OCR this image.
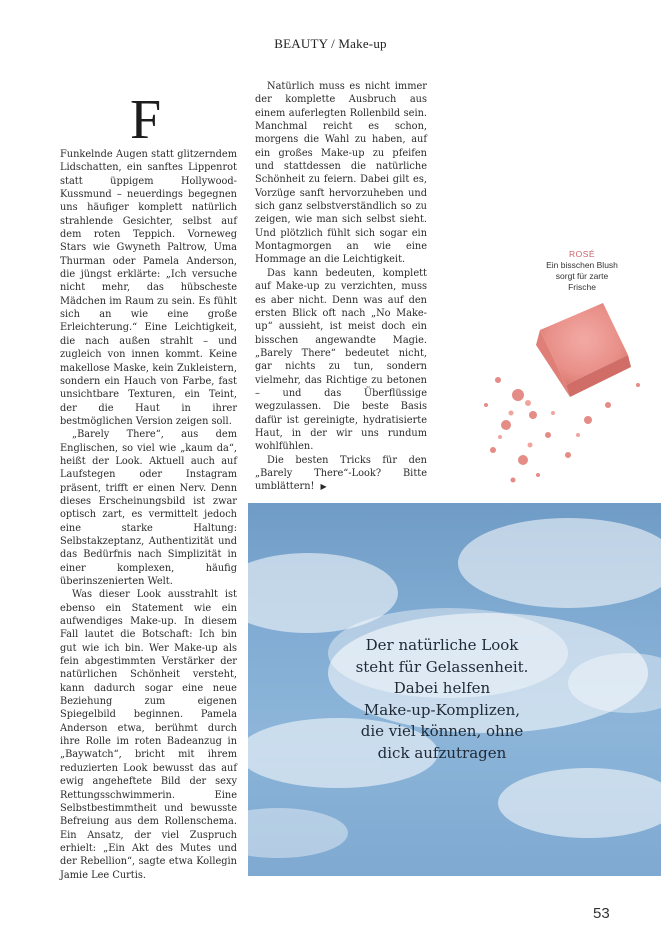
BEAUTY / Make-up
F

Funkelnde Augen statt glitzerndem Lidschatten, ein sanftes Lippenrot statt üppigem Hollywood-Kussmund – neuerdings begegnen uns häufiger komplett natürlich strahlende Gesichter, selbst auf dem roten Teppich. Vorneweg Stars wie Gwyneth Paltrow, Uma Thurman oder Pamela Anderson, die jüngst erklärte: „Ich versuche nicht mehr, das hübscheste Mädchen im Raum zu sein. Es fühlt sich an wie eine große Erleichterung.“ Eine Leichtigkeit, die nach außen strahlt – und zugleich von innen kommt. Keine makellose Maske, kein Zukleistern, sondern ein Hauch von Farbe, fast unsichtbare Texturen, ein Teint, der die Haut in ihrer bestmöglichen Version zeigen soll.

„Barely There“, aus dem Englischen, so viel wie „kaum da“, heißt der Look. Aktuell auch auf Laufstegen oder Instagram präsent, trifft er einen Nerv. Denn dieses Erscheinungsbild ist zwar optisch zart, es vermittelt jedoch eine starke Haltung: Selbstakzeptanz, Authentizität und das Bedürfnis nach Simplizität in einer komplexen, häufig überinszenierten Welt.

Was dieser Look ausstrahlt ist ebenso ein Statement wie ein aufwendiges Make-up. In diesem Fall lautet die Botschaft: Ich bin gut wie ich bin. Wer Make-up als fein abgestimmten Verstärker der natürlichen Schönheit versteht, kann dadurch sogar eine neue Beziehung zum eigenen Spiegelbild beginnen. Pamela Anderson etwa, berühmt durch ihre Rolle im roten Badeanzug in „Baywatch“, bricht mit ihrem reduzierten Look bewusst das auf ewig angeheftete Bild der sexy Rettungsschwimmerin. Eine Selbstbestimmtheit und bewusste Befreiung aus dem Rollenschema. Ein Ansatz, der viel Zuspruch erhielt: „Ein Akt des Mutes und der Rebellion“, sagte etwa Kollegin Jamie Lee Curtis.

Natürlich muss es nicht immer der komplette Ausbruch aus einem auferlegten Rollenbild sein. Manchmal reicht es schon, morgens die Wahl zu haben, auf ein großes Make-up zu pfeifen und stattdessen die natürliche Schönheit zu feiern. Dabei gilt es, Vorzüge sanft hervorzuheben und sich ganz selbstverständlich so zu zeigen, wie man sich selbst sieht. Und plötzlich fühlt sich sogar ein Montagmorgen an wie eine Hommage an die Leichtigkeit.

Das kann bedeuten, komplett auf Make-up zu verzichten, muss es aber nicht. Denn was auf den ersten Blick oft nach „No Make-up“ aussieht, ist meist doch ein bisschen angewandte Magie. „Barely There“ bedeutet nicht, gar nichts zu tun, sondern vielmehr, das Richtige zu betonen – und das Überflüssige wegzulassen. Die beste Basis dafür ist gereinigte, hydratisierte Haut, in der wir uns rundum wohlfühlen.

Die besten Tricks für den „Barely There“-Look? Bitte umblättern! ▶

ROSÉ
Ein bisschen Blush
sorgt für zarte
Frische
Der natürliche Look
steht für Gelassenheit.
Dabei helfen
Make-up-Komplizen,
die viel können, ohne
dick aufzutragen
53
